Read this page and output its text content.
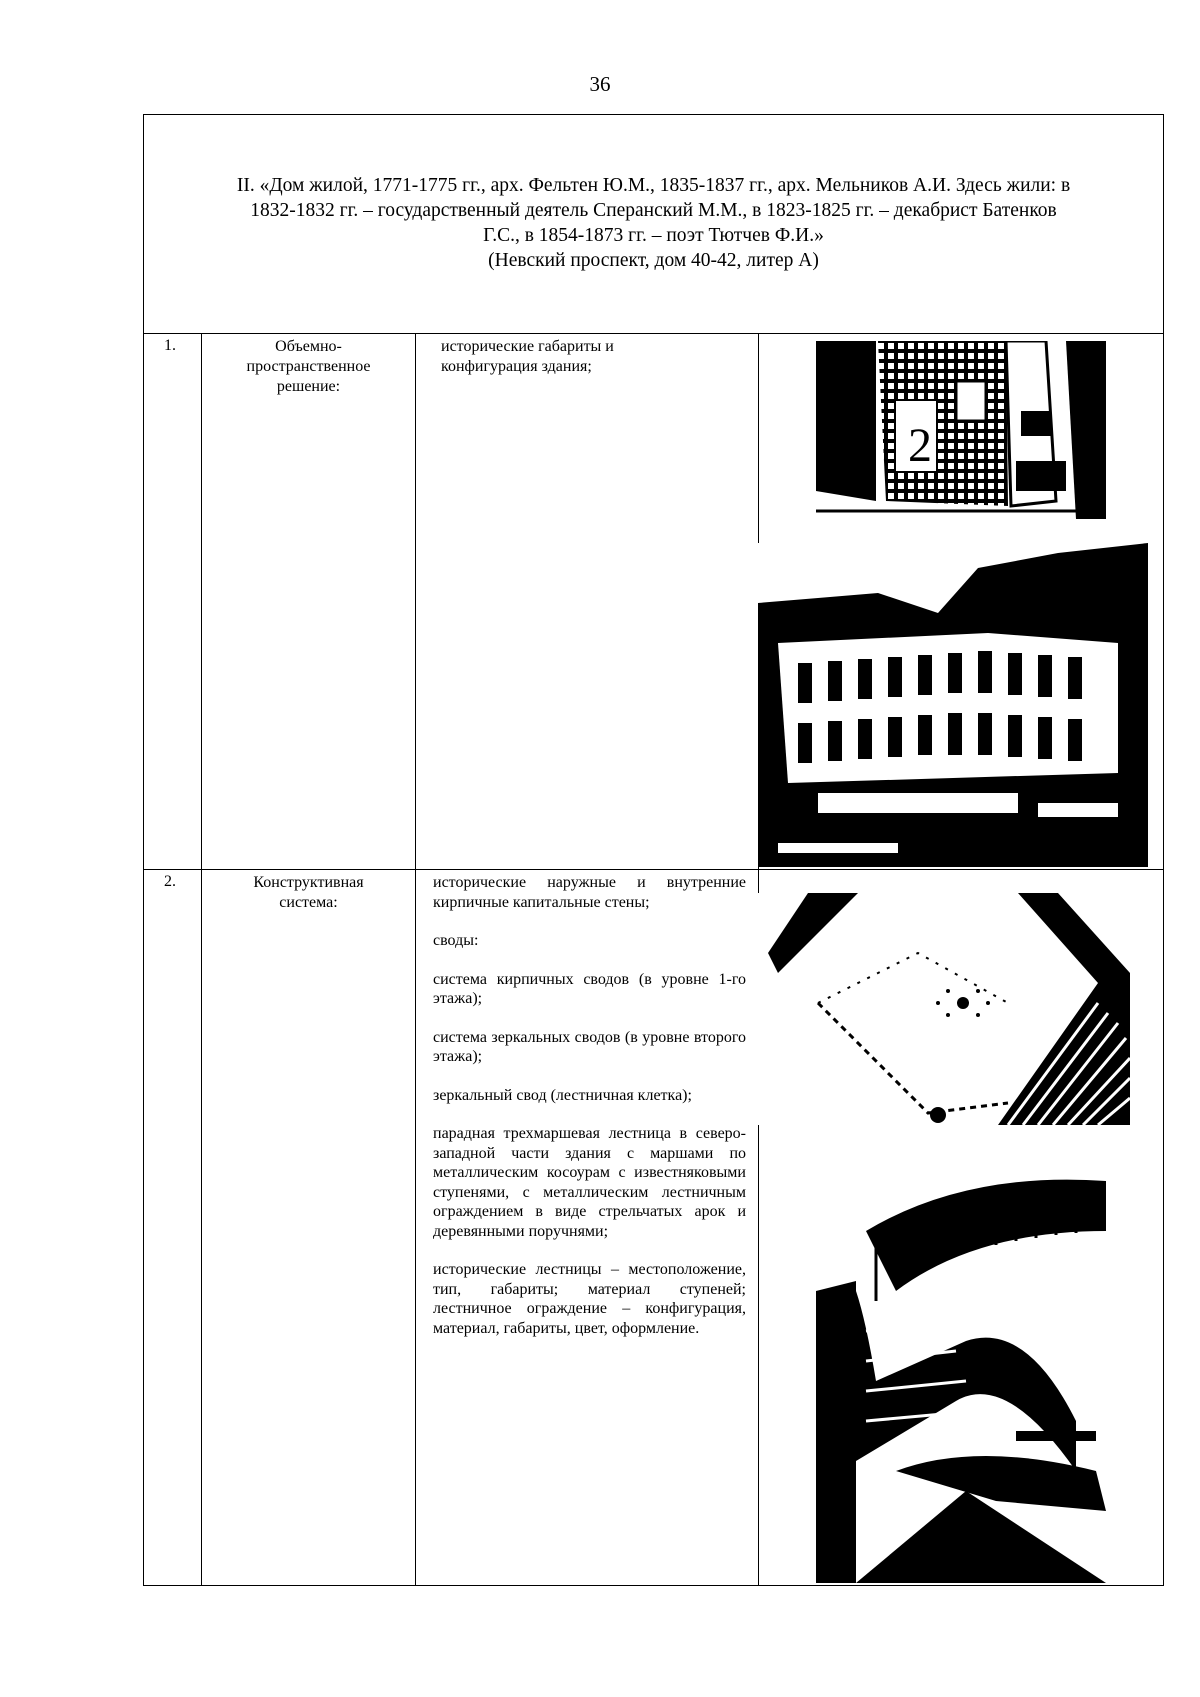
36
II. «Дом жилой, 1771-1775 гг., арх. Фельтен Ю.М., 1835-1837 гг., арх. Мельников А.И. Здесь жили: в
1832-1832 гг. – государственный деятель Сперанский М.М., в 1823-1825 гг. – декабрист Батенков
Г.С., в 1854-1873 гг. – поэт Тютчев Ф.И.»
(Невский проспект, дом 40-42, литер А)
1.	Объемно-
пространственное
решение:

исторические габариты и конфигурация здания;

2
2.	Конструктивная
система:

исторические наружные и внутренние кирпичные капитальные стены;

своды:

система кирпичных сводов (в уровне 1-го этажа);

система зеркальных сводов (в уровне второго этажа);

зеркальный свод (лестничная клетка);

парадная трехмаршевая лестница в северо-западной части здания с маршами по металлическим косоурам с известняковыми ступенями, с металлическим лестничным ограждением в виде стрельчатых арок и деревянными поручнями;

исторические лестницы – местоположение, тип, габариты; материал ступеней; лестничное ограждение – конфигурация, материал, габариты, цвет, оформление.
